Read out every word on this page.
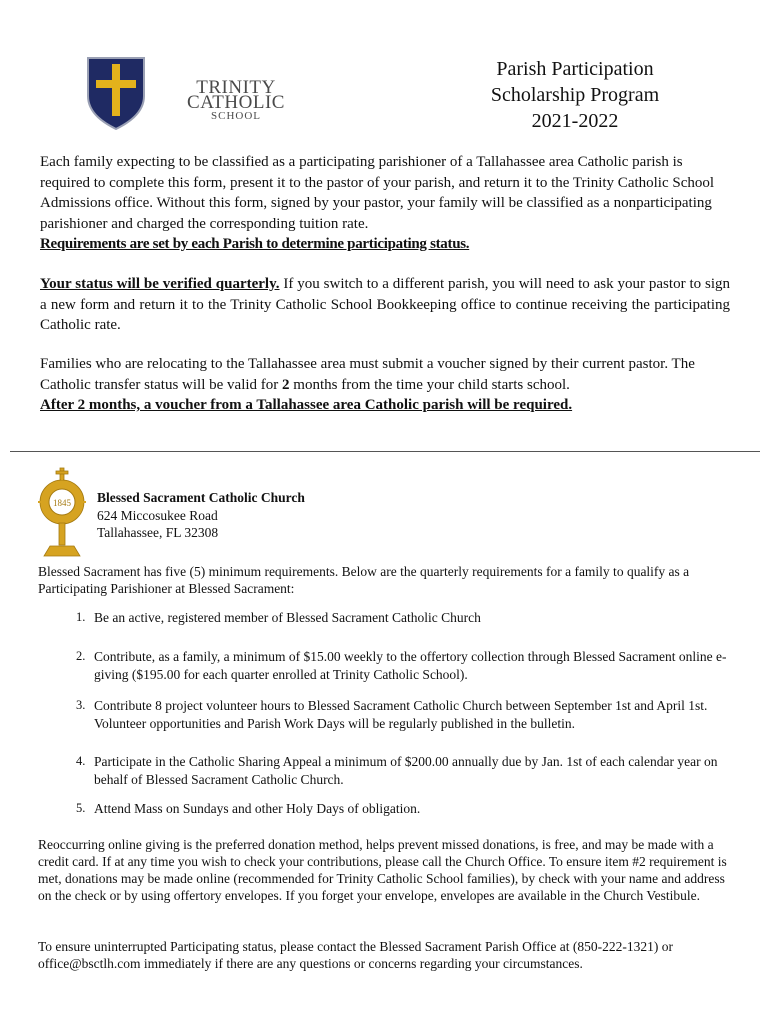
TRINITY
CATHOLIC
SCHOOL
Parish Participation
Scholarship Program
2021-2022
Each family expecting to be classified as a participating parishioner of a Tallahassee area Catholic parish is required to complete this form, present it to the pastor of your parish, and return it to the Trinity Catholic School Admissions office. Without this form, signed by your pastor, your family will be classified as a nonparticipating parishioner and charged the corresponding tuition rate.
Requirements are set by each Parish to determine participating status.
Your status will be verified quarterly. If you switch to a different parish, you will need to ask your pastor to sign a new form and return it to the Trinity Catholic School Bookkeeping office to continue receiving the participating Catholic rate.
Families who are relocating to the Tallahassee area must submit a voucher signed by their current pastor. The Catholic transfer status will be valid for 2 months from the time your child starts school.
After 2 months, a voucher from a Tallahassee area Catholic parish will be required.
1845 Blessed Sacrament Catholic Church
624 Miccosukee Road
Tallahassee, FL 32308
Blessed Sacrament has five (5) minimum requirements. Below are the quarterly requirements for a family to qualify as a Participating Parishioner at Blessed Sacrament:
1. Be an active, registered member of Blessed Sacrament Catholic Church
2. Contribute, as a family, a minimum of $15.00 weekly to the offertory collection through Blessed Sacrament online e-giving ($195.00 for each quarter enrolled at Trinity Catholic School).
3. Contribute 8 project volunteer hours to Blessed Sacrament Catholic Church between September 1st and April 1st. Volunteer opportunities and Parish Work Days will be regularly published in the bulletin.
4. Participate in the Catholic Sharing Appeal a minimum of $200.00 annually due by Jan. 1st of each calendar year on behalf of Blessed Sacrament Catholic Church.
5. Attend Mass on Sundays and other Holy Days of obligation.
Reoccurring online giving is the preferred donation method, helps prevent missed donations, is free, and may be made with a credit card. If at any time you wish to check your contributions, please call the Church Office. To ensure item #2 requirement is met, donations may be made online (recommended for Trinity Catholic School families), by check with your name and address on the check or by using offertory envelopes. If you forget your envelope, envelopes are available in the Church Vestibule.
To ensure uninterrupted Participating status, please contact the Blessed Sacrament Parish Office at (850-222-1321) or office@bsctlh.com immediately if there are any questions or concerns regarding your circumstances.
